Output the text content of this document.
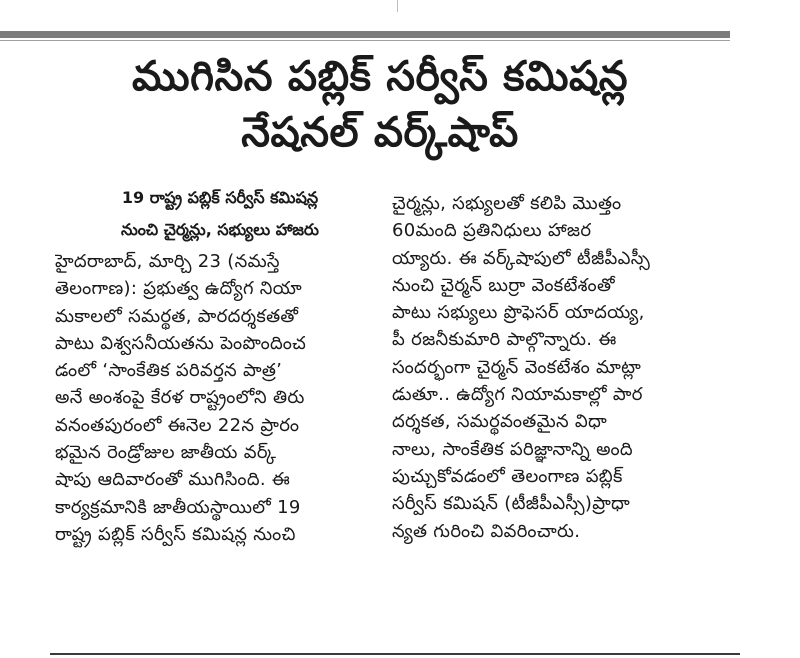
ముగిసిన పబ్లిక్ సర్వీస్ కమిషన్ల
నేషనల్ వర్క్‌షాప్
19 రాష్ట్ర పబ్లిక్ సర్వీస్ కమిషన్ల
నుంచి చైర్మన్లు, సభ్యులు హాజరు
హైదరాబాద్, మార్చి 23 (నమస్తే
తెలంగాణ): ప్రభుత్వ ఉద్యోగ నియా
మకాలలో సమర్థత, పారదర్శకతతో
పాటు విశ్వసనీయతను పెంపొందించ
డంలో ‘సాంకేతిక పరివర్తన పాత్ర’
అనే అంశంపై కేరళ రాష్ట్రంలోని తిరు
వనంతపురంలో ఈనెల 22న ప్రారం
భమైన రెండ్రోజుల జాతీయ వర్క్
షాపు ఆదివారంతో ముగిసింది. ఈ
కార్యక్రమానికి జాతీయస్థాయిలో 19
రాష్ట్ర పబ్లిక్ సర్వీస్ కమిషన్ల నుంచి
చైర్మన్లు, సభ్యులతో కలిపి మొత్తం
60మంది ప్రతినిధులు హాజర
య్యారు. ఈ వర్క్‌షాపులో టీజీపీఎస్సీ
నుంచి చైర్మన్ బుర్రా వెంకటేశంతో
పాటు సభ్యులు ప్రొఫెసర్ యాదయ్య,
పీ రజనీకుమారి పాల్గొన్నారు. ఈ
సందర్భంగా చైర్మన్ వెంకటేశం మాట్లా
డుతూ.. ఉద్యోగ నియామకాల్లో పార
దర్శకత, సమర్థవంతమైన విధా
నాలు, సాంకేతిక పరిజ్ఞానాన్ని అంది
పుచ్చుకోవడంలో తెలంగాణ పబ్లిక్
సర్వీస్ కమిషన్ (టీజీపీఎస్సీ)ప్రాధా
న్యత గురించి వివరించారు.
